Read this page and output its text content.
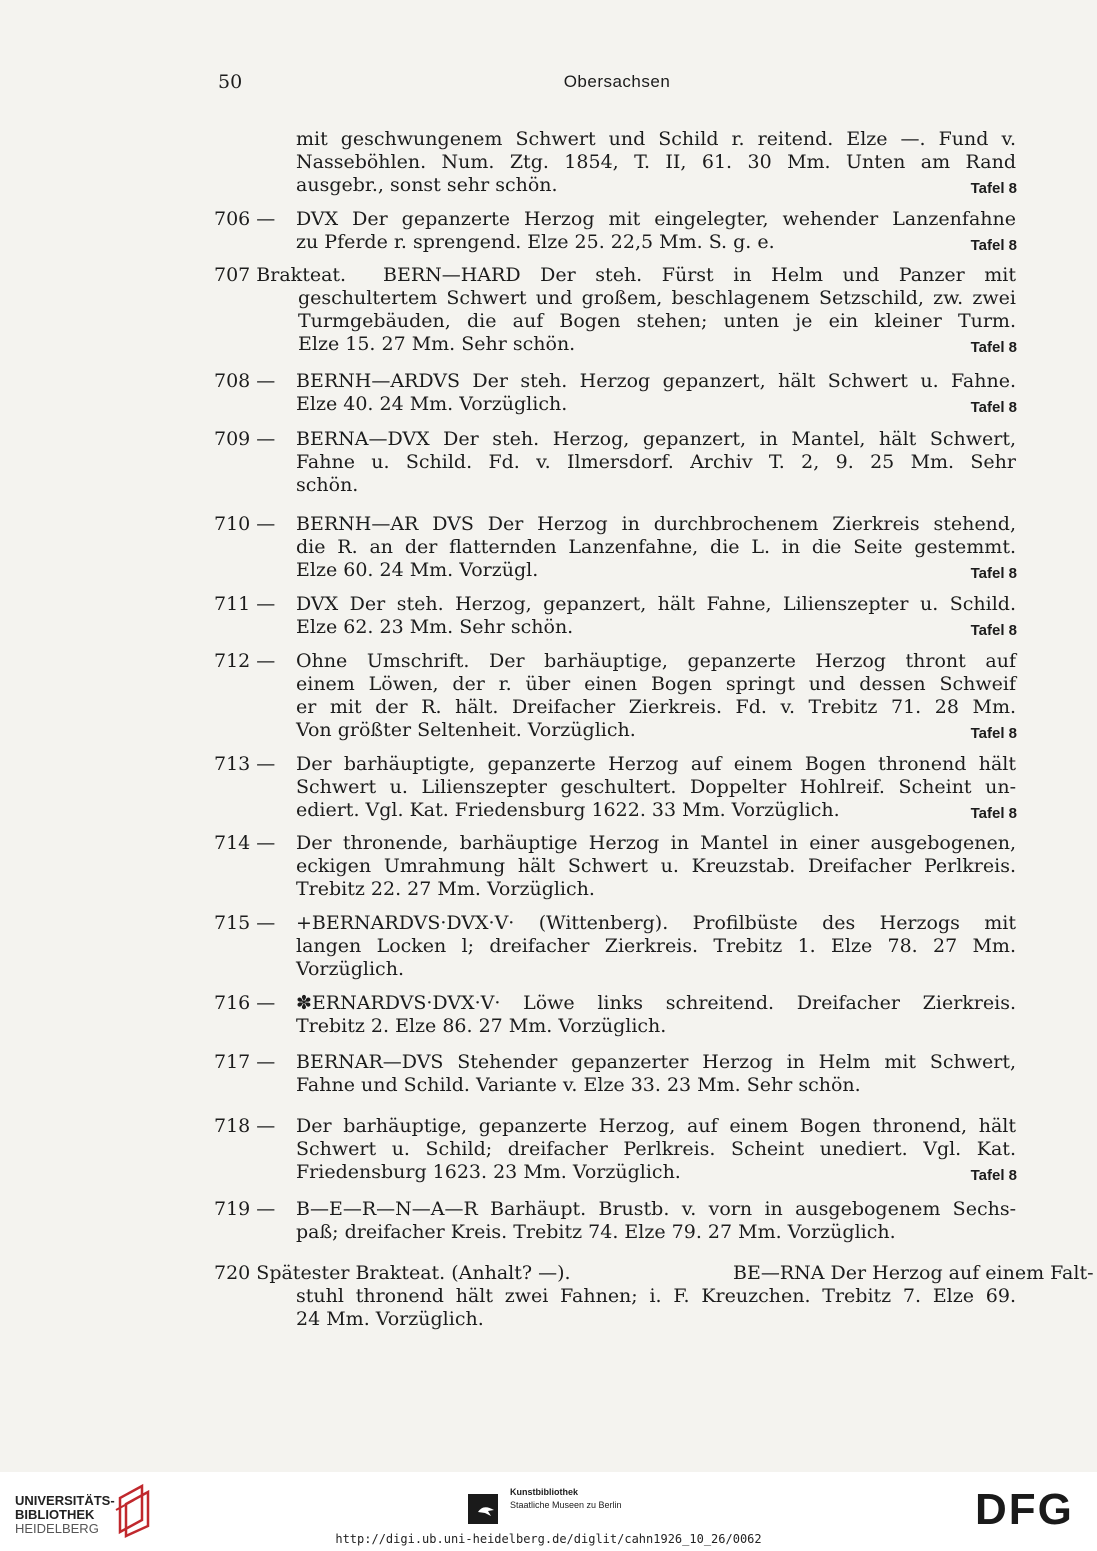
50	Obersachsen
mit geschwungenem Schwert und Schild r. reitend. Elze —. Fund v.
Nasseböhlen. Num. Ztg. 1854, T. II, 61. 30 Mm. Unten am Rand
ausgebr., sonst sehr schön.	Tafel 8
706 — DVX Der gepanzerte Herzog mit eingelegter, wehender Lanzenfahne
zu Pferde r. sprengend. Elze 25. 22,5 Mm. S. g. e.	Tafel 8
707 Brakteat. BERN—HARD Der steh. Fürst in Helm und Panzer mit
geschultertem Schwert und großem, beschlagenem Setzschild, zw. zwei
Turmgebäuden, die auf Bogen stehen; unten je ein kleiner Turm.
Elze 15. 27 Mm. Sehr schön.	Tafel 8
708 — BERNH—ARDVS Der steh. Herzog gepanzert, hält Schwert u. Fahne.
Elze 40. 24 Mm. Vorzüglich.	Tafel 8
709 — BERNA—DVX Der steh. Herzog, gepanzert, in Mantel, hält Schwert,
Fahne u. Schild. Fd. v. Ilmersdorf. Archiv T. 2, 9. 25 Mm. Sehr
schön.
710 — BERNH—AR DVS Der Herzog in durchbrochenem Zierkreis stehend,
die R. an der flatternden Lanzenfahne, die L. in die Seite gestemmt.
Elze 60. 24 Mm. Vorzügl.	Tafel 8
711 — DVX Der steh. Herzog, gepanzert, hält Fahne, Lilienszepter u. Schild.
Elze 62. 23 Mm. Sehr schön.	Tafel 8
712 — Ohne Umschrift. Der barhäuptige, gepanzerte Herzog thront auf
einem Löwen, der r. über einen Bogen springt und dessen Schweif
er mit der R. hält. Dreifacher Zierkreis. Fd. v. Trebitz 71. 28 Mm.
Von größter Seltenheit. Vorzüglich.	Tafel 8
713 — Der barhäuptigte, gepanzerte Herzog auf einem Bogen thronend hält
Schwert u. Lilienszepter geschultert. Doppelter Hohlreif. Scheint un-
ediert. Vgl. Kat. Friedensburg 1622. 33 Mm. Vorzüglich.	Tafel 8
714 — Der thronende, barhäuptige Herzog in Mantel in einer ausgebogenen,
eckigen Umrahmung hält Schwert u. Kreuzstab. Dreifacher Perlkreis.
Trebitz 22. 27 Mm. Vorzüglich.
715 — +BERNARDVS·DVX·V· (Wittenberg). Profilbüste des Herzogs mit
langen Locken l; dreifacher Zierkreis. Trebitz 1. Elze 78. 27 Mm.
Vorzüglich.
716 — ✽ERNARDVS·DVX·V· Löwe links schreitend. Dreifacher Zierkreis.
Trebitz 2. Elze 86. 27 Mm. Vorzüglich.
717 — BERNAR—DVS Stehender gepanzerter Herzog in Helm mit Schwert,
Fahne und Schild. Variante v. Elze 33. 23 Mm. Sehr schön.
718 — Der barhäuptige, gepanzerte Herzog, auf einem Bogen thronend, hält
Schwert u. Schild; dreifacher Perlkreis. Scheint unediert. Vgl. Kat.
Friedensburg 1623. 23 Mm. Vorzüglich.	Tafel 8
719 — B—E—R—N—A—R Barhäupt. Brustb. v. vorn in ausgebogenem Sechs-
paß; dreifacher Kreis. Trebitz 74. Elze 79. 27 Mm. Vorzüglich.
720 Spätester Brakteat. (Anhalt? —).	BE—RNA Der Herzog auf einem Falt-
stuhl thronend hält zwei Fahnen; i. F. Kreuzchen. Trebitz 7. Elze 69.
24 Mm. Vorzüglich.
UNIVERSITÄTS-
BIBLIOTHEK
HEIDELBERG
Kunstbibliothek
Staatliche Museen zu Berlin	DFG
http://digi.ub.uni-heidelberg.de/diglit/cahn1926_10_26/0062
